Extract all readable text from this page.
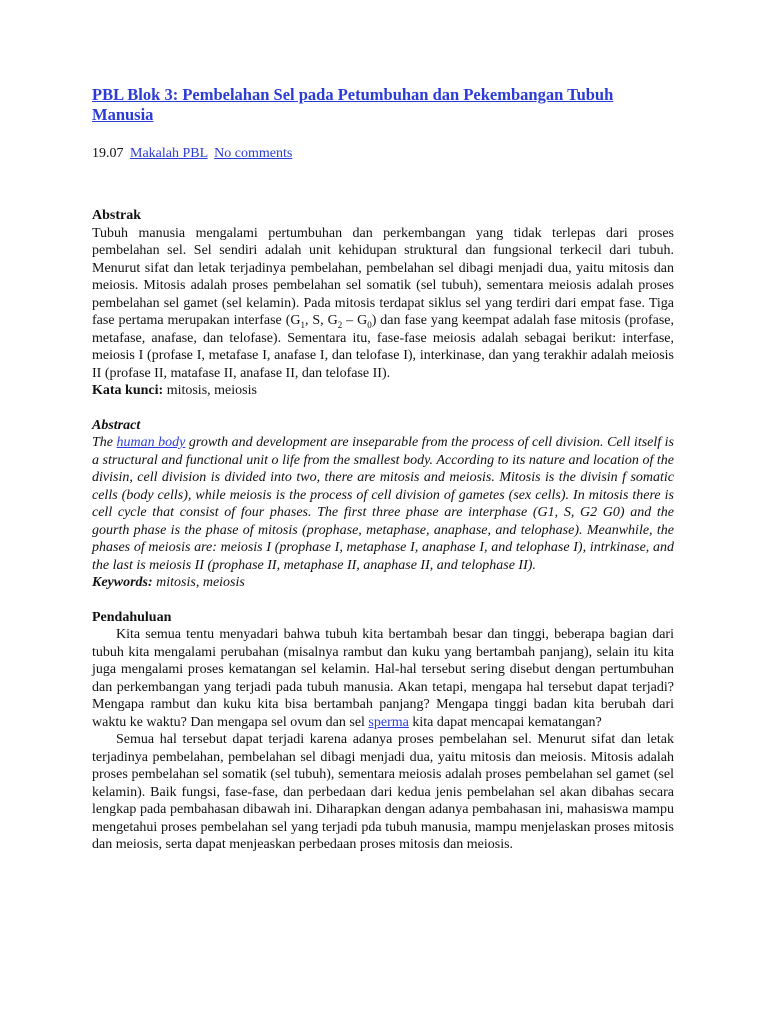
PBL Blok 3: Pembelahan Sel pada Petumbuhan dan Pekembangan Tubuh Manusia
19.07 Makalah PBL No comments
Abstrak

Tubuh manusia mengalami pertumbuhan dan perkembangan yang tidak terlepas dari proses pembelahan sel. Sel sendiri adalah unit kehidupan struktural dan fungsional terkecil dari tubuh. Menurut sifat dan letak terjadinya pembelahan, pembelahan sel dibagi menjadi dua, yaitu mitosis dan meiosis. Mitosis adalah proses pembelahan sel somatik (sel tubuh), sementara meiosis adalah proses pembelahan sel gamet (sel kelamin). Pada mitosis terdapat siklus sel yang terdiri dari empat fase. Tiga fase pertama merupakan interfase ($G_1$, S, $G_2 - G_0$) dan fase yang keempat adalah fase mitosis (profase, metafase, anafase, dan telofase). Sementara itu, fase-fase meiosis adalah sebagai berikut: interfase, meiosis I (profase I, metafase I, anafase I, dan telofase I), interkinase, dan yang terakhir adalah meiosis II (profase II, matafase II, anafase II, dan telofase II).

Kata kunci: mitosis, meiosis

Abstract

The human body growth and development are inseparable from the process of cell division. Cell itself is a structural and functional unit o life from the smallest body. According to its nature and location of the divisin, cell division is divided into two, there are mitosis and meiosis. Mitosis is the divisin f somatic cells (body cells), while meiosis is the process of cell division of gametes (sex cells). In mitosis there is cell cycle that consist of four phases. The first three phase are interphase (G1, S, G2 G0) and the gourth phase is the phase of mitosis (prophase, metaphase, anaphase, and telophase). Meanwhile, the phases of meiosis are: meiosis I (prophase I, metaphase I, anaphase I, and telophase I), intrkinase, and the last is meiosis II (prophase II, metaphase II, anaphase II, and telophase II).

Keywords: mitosis, meiosis

Pendahuluan

Kita semua tentu menyadari bahwa tubuh kita bertambah besar dan tinggi, beberapa bagian dari tubuh kita mengalami perubahan (misalnya rambut dan kuku yang bertambah panjang), selain itu kita juga mengalami proses kematangan sel kelamin. Hal-hal tersebut sering disebut dengan pertumbuhan dan perkembangan yang terjadi pada tubuh manusia. Akan tetapi, mengapa hal tersebut dapat terjadi? Mengapa rambut dan kuku kita bisa bertambah panjang? Mengapa tinggi badan kita berubah dari waktu ke waktu? Dan mengapa sel ovum dan sel sperma kita dapat mencapai kematangan?

Semua hal tersebut dapat terjadi karena adanya proses pembelahan sel. Menurut sifat dan letak terjadinya pembelahan, pembelahan sel dibagi menjadi dua, yaitu mitosis dan meiosis. Mitosis adalah proses pembelahan sel somatik (sel tubuh), sementara meiosis adalah proses pembelahan sel gamet (sel kelamin). Baik fungsi, fase-fase, dan perbedaan dari kedua jenis pembelahan sel akan dibahas secara lengkap pada pembahasan dibawah ini. Diharapkan dengan adanya pembahasan ini, mahasiswa mampu mengetahui proses pembelahan sel yang terjadi pda tubuh manusia, mampu menjelaskan proses mitosis dan meiosis, serta dapat menjeaskan perbedaan proses mitosis dan meiosis.
